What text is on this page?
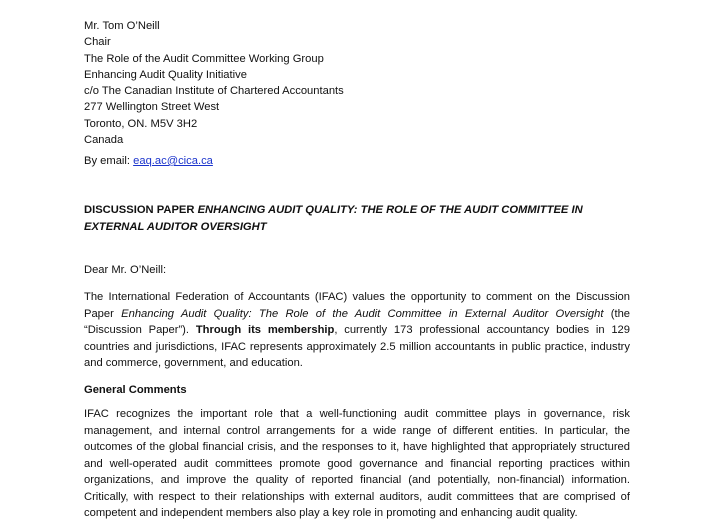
Mr. Tom O’Neill
Chair
The Role of the Audit Committee Working Group
Enhancing Audit Quality Initiative
c/o The Canadian Institute of Chartered Accountants
277 Wellington Street West
Toronto, ON. M5V 3H2
Canada
By email: eaq.ac@cica.ca
DISCUSSION PAPER ENHANCING AUDIT QUALITY: THE ROLE OF THE AUDIT COMMITTEE IN EXTERNAL AUDITOR OVERSIGHT
Dear Mr. O’Neill:
The International Federation of Accountants (IFAC) values the opportunity to comment on the Discussion Paper Enhancing Audit Quality: The Role of the Audit Committee in External Auditor Oversight (the “Discussion Paper”). Through its membership, currently 173 professional accountancy bodies in 129 countries and jurisdictions, IFAC represents approximately 2.5 million accountants in public practice, industry and commerce, government, and education.
General Comments
IFAC recognizes the important role that a well-functioning audit committee plays in governance, risk management, and internal control arrangements for a wide range of different entities. In particular, the outcomes of the global financial crisis, and the responses to it, have highlighted that appropriately structured and well-operated audit committees promote good governance and financial reporting practices within organizations, and improve the quality of reported financial (and potentially, non-financial) information. Critically, with respect to their relationships with external auditors, audit committees that are comprised of competent and independent members also play a key role in promoting and enhancing audit quality.
